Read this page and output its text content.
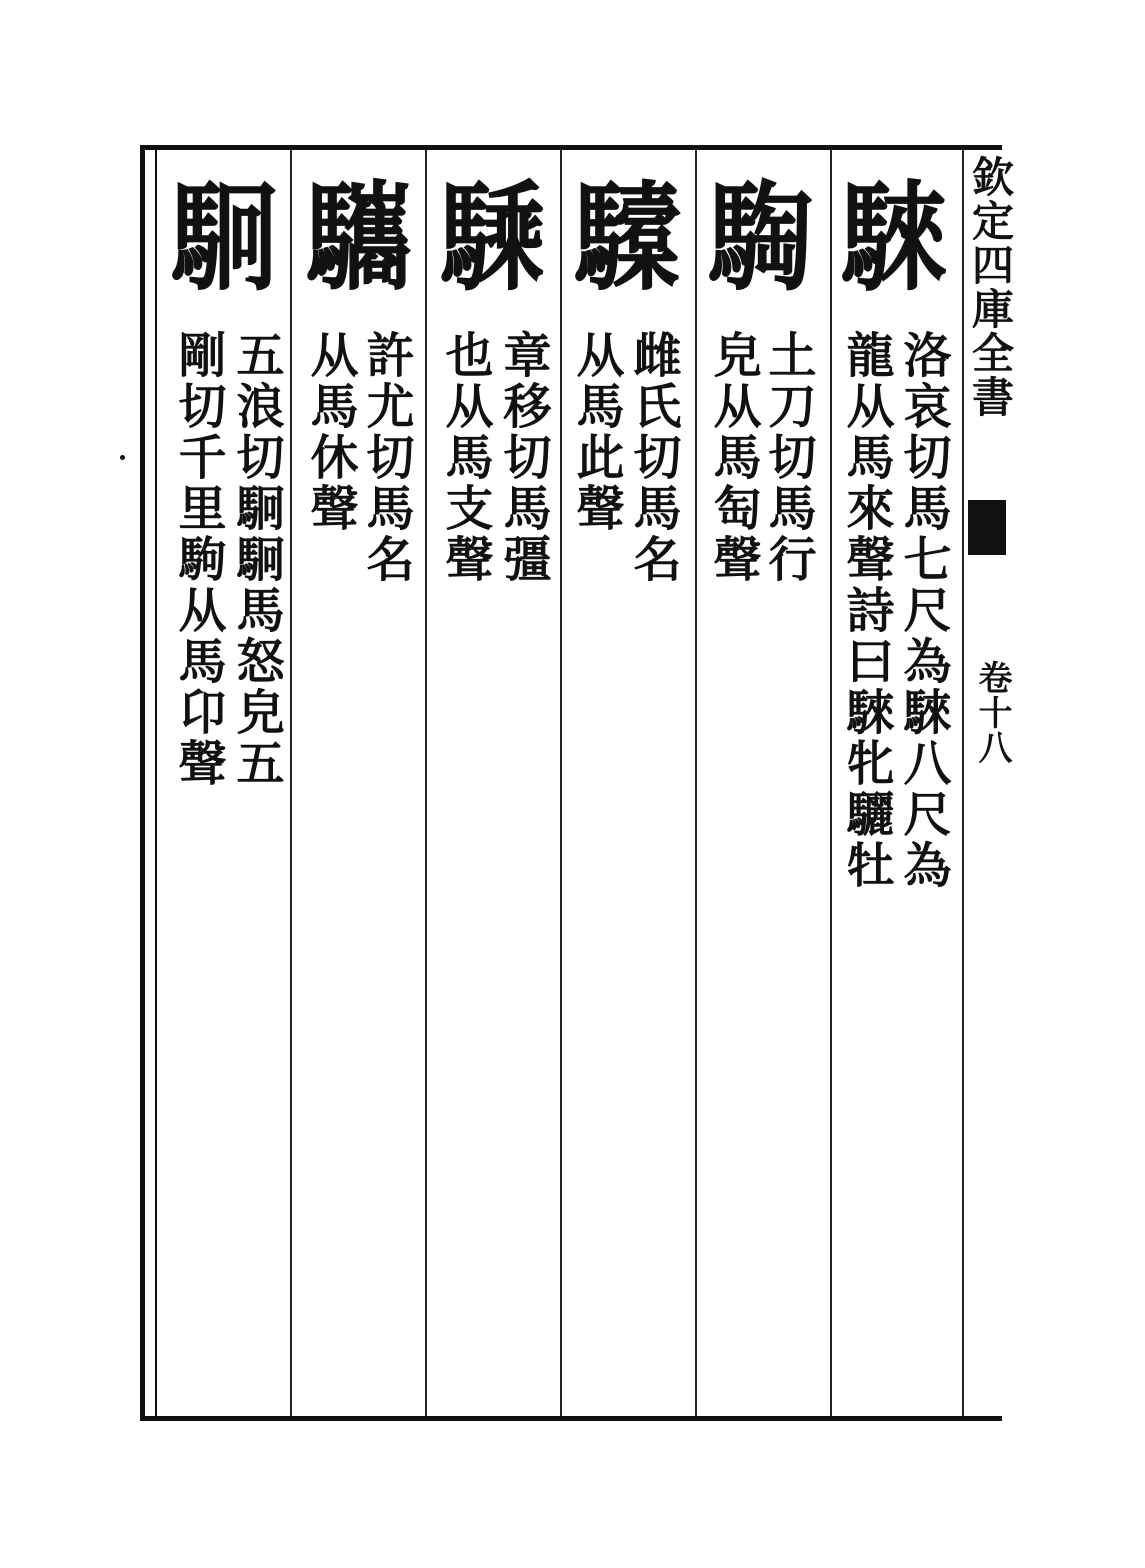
欽定四庫全書
卷十八
騋
洛哀切馬七尺為騋八尺為
龍从馬來聲詩曰騋牝驪牡
騊
土刀切馬行
皃从馬匋聲
驝
雌氏切馬名
从馬此聲
騬
章移切馬彊
也从馬支聲
驨
許尤切馬名
从馬休聲
駉
五浪切駉駉馬怒皃五
剛切千里駒从馬卬聲
